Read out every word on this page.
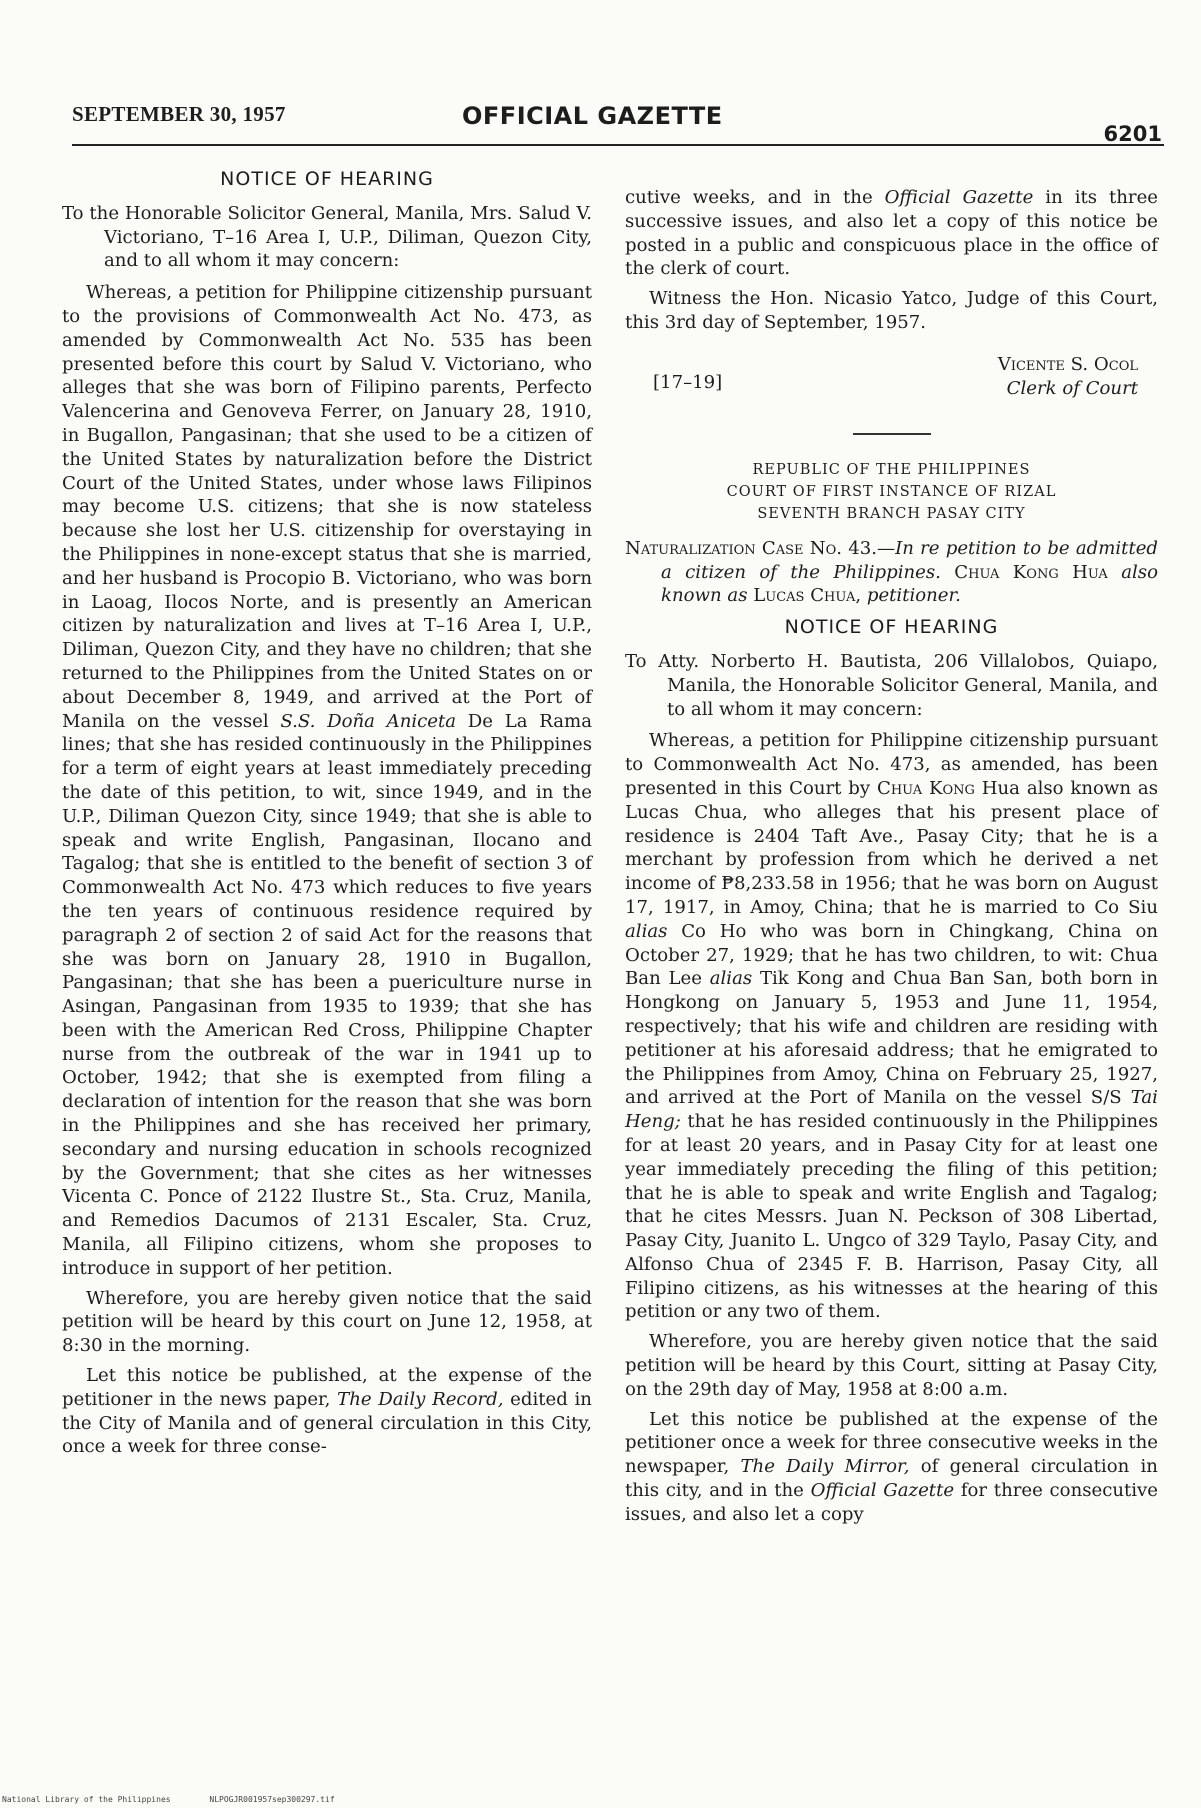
SEPTEMBER 30, 1957	OFFICIAL GAZETTE
6201
NOTICE OF HEARING
To the Honorable Solicitor General, Manila, Mrs. Salud V. Victoriano, T–16 Area I, U.P., Diliman, Quezon City, and to all whom it may concern:

Whereas, a petition for Philippine citizenship pursuant to the provisions of Commonwealth Act No. 473, as amended by Commonwealth Act No. 535 has been presented before this court by Salud V. Victoriano, who alleges that she was born of Filipino parents, Perfecto Valencerina and Genoveva Ferrer, on January 28, 1910, in Bugallon, Pangasinan; that she used to be a citizen of the United States by naturalization before the District Court of the United States, under whose laws Filipinos may become U.S. citizens; that she is now stateless because she lost her U.S. citizenship for overstaying in the Philippines in none-except status that she is married, and her husband is Procopio B. Victoriano, who was born in Laoag, Ilocos Norte, and is presently an American citizen by naturalization and lives at T–16 Area I, U.P., Diliman, Quezon City, and they have no children; that she returned to the Philippines from the United States on or about December 8, 1949, and arrived at the Port of Manila on the vessel S.S. Doña Aniceta De La Rama lines; that she has resided continuously in the Philippines for a term of eight years at least immediately preceding the date of this petition, to wit, since 1949, and in the U.P., Diliman Quezon City, since 1949; that she is able to speak and write English, Pangasinan, Ilocano and Tagalog; that she is entitled to the benefit of section 3 of Commonwealth Act No. 473 which reduces to five years the ten years of continuous residence required by paragraph 2 of section 2 of said Act for the reasons that she was born on January 28, 1910 in Bugallon, Pangasinan; that she has been a puericulture nurse in Asingan, Pangasinan from 1935 to 1939; that she has been with the American Red Cross, Philippine Chapter nurse from the outbreak of the war in 1941 up to October, 1942; that she is exempted from filing a declaration of intention for the reason that she was born in the Philippines and she has received her primary, secondary and nursing education in schools recognized by the Government; that she cites as her witnesses Vicenta C. Ponce of 2122 Ilustre St., Sta. Cruz, Manila, and Remedios Dacumos of 2131 Escaler, Sta. Cruz, Manila, all Filipino citizens, whom she proposes to introduce in support of her petition.

Wherefore, you are hereby given notice that the said petition will be heard by this court on June 12, 1958, at 8:30 in the morning.

Let this notice be published, at the expense of the petitioner in the news paper, The Daily Record, edited in the City of Manila and of general circulation in this City, once a week for three conse-

cutive weeks, and in the Official Gazette in its three successive issues, and also let a copy of this notice be posted in a public and conspicuous place in the office of the clerk of court.

Witness the Hon. Nicasio Yatco, Judge of this Court, this 3rd day of September, 1957.

[17–19]
Vicente S. Ocol
Clerk of Court
REPUBLIC OF THE PHILIPPINES
COURT OF FIRST INSTANCE OF RIZAL
SEVENTH BRANCH PASAY CITY
Naturalization Case No. 43.—In re petition to be admitted a citizen of the Philippines. Chua Kong Hua also known as Lucas Chua, petitioner.
NOTICE OF HEARING
To Atty. Norberto H. Bautista, 206 Villalobos, Quiapo, Manila, the Honorable Solicitor General, Manila, and to all whom it may concern:

Whereas, a petition for Philippine citizenship pursuant to Commonwealth Act No. 473, as amended, has been presented in this Court by Chua Kong Hua also known as Lucas Chua, who alleges that his present place of residence is 2404 Taft Ave., Pasay City; that he is a merchant by profession from which he derived a net income of ₱8,233.58 in 1956; that he was born on August 17, 1917, in Amoy, China; that he is married to Co Siu alias Co Ho who was born in Chingkang, China on October 27, 1929; that he has two children, to wit: Chua Ban Lee alias Tik Kong and Chua Ban San, both born in Hongkong on January 5, 1953 and June 11, 1954, respectively; that his wife and children are residing with petitioner at his aforesaid address; that he emigrated to the Philippines from Amoy, China on February 25, 1927, and arrived at the Port of Manila on the vessel S/S Tai Heng; that he has resided continuously in the Philippines for at least 20 years, and in Pasay City for at least one year immediately preceding the filing of this petition; that he is able to speak and write English and Tagalog; that he cites Messrs. Juan N. Peckson of 308 Libertad, Pasay City, Juanito L. Ungco of 329 Taylo, Pasay City, and Alfonso Chua of 2345 F. B. Harrison, Pasay City, all Filipino citizens, as his witnesses at the hearing of this petition or any two of them.

Wherefore, you are hereby given notice that the said petition will be heard by this Court, sitting at Pasay City, on the 29th day of May, 1958 at 8:00 a.m.

Let this notice be published at the expense of the petitioner once a week for three consecutive weeks in the newspaper, The Daily Mirror, of general circulation in this city, and in the Official Gazette for three consecutive issues, and also let a copy

National Library of the Philippines	NLPOGJR001957sep300297.tif
